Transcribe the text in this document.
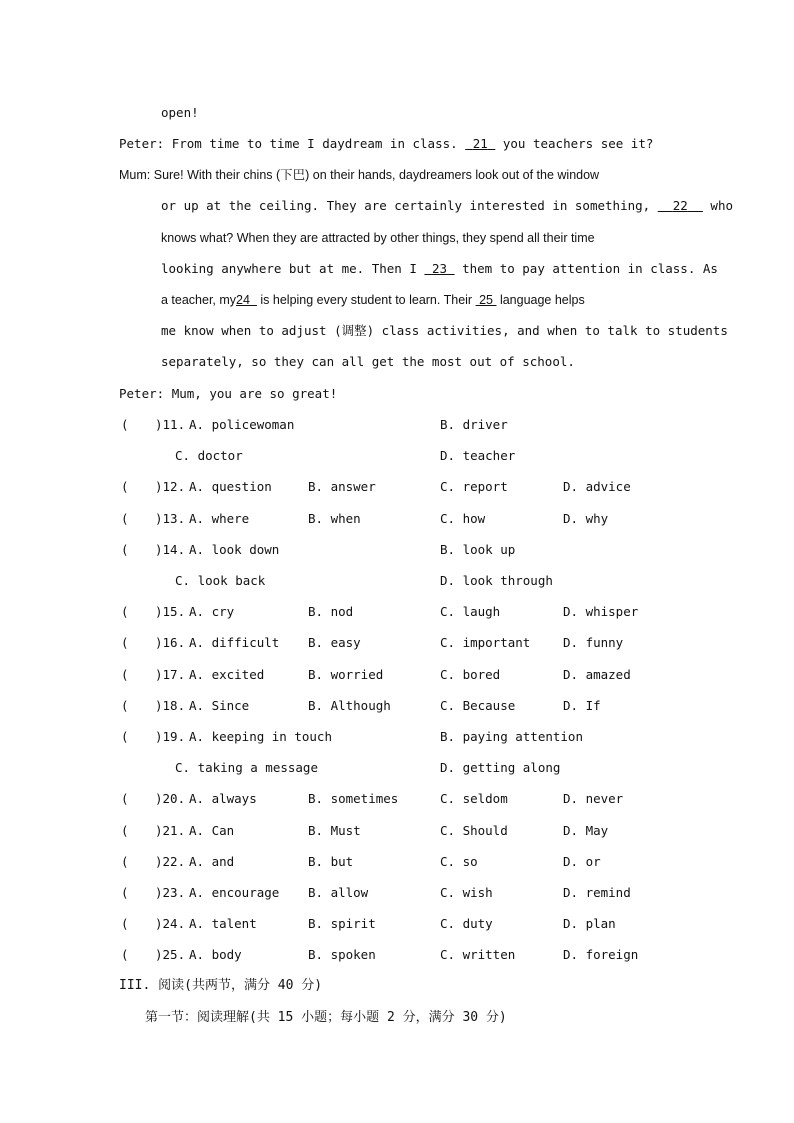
open!
Peter: From time to time I daydream in class. 21 you teachers see it?
Mum: Sure! With their chins (下巴) on their hands, daydreamers look out of the window
or up at the ceiling. They are certainly interested in something, 22 who
knows what? When they are attracted by other things, they spend all their time
looking anywhere but at me. Then I 23 them to pay attention in class. As
a teacher, my24 is helping every student to learn. Their 25 language helps
me know when to adjust (调整) class activities, and when to talk to students
separately, so they can all get the most out of school.
Peter: Mum, you are so great!
( )11. A. policewoman	B. driver
C. doctor	D. teacher
( )12. A. question	B. answer	C. report	D. advice
( )13. A. where	B. when	C. how	D. why
( )14. A. look down	B. look up
C. look back	D. look through
( )15. A. cry	B. nod	C. laugh	D. whisper
( )16. A. difficult B. easy	C. important	D. funny
( )17. A. excited	B. worried	C. bored	D. amazed
( )18. A. Since	B. Although	C. Because	D. If
( )19. A. keeping in touch	B. paying attention
C. taking a message	D. getting along
( )20. A. always	B. sometimes	C. seldom	D. never
( )21. A. Can	B. Must	C. Should	D. May
( )22. A. and	B. but	C. so	D. or
( )23. A. encourage B. allow	C. wish	D. remind
( )24. A. talent	B. spirit	C. duty	D. plan
( )25. A. body	B. spoken	C. written	D. foreign
III. 阅读(共两节，满分 40 分)
第一节：阅读理解(共 15 小题；每小题 2 分，满分 30 分)
